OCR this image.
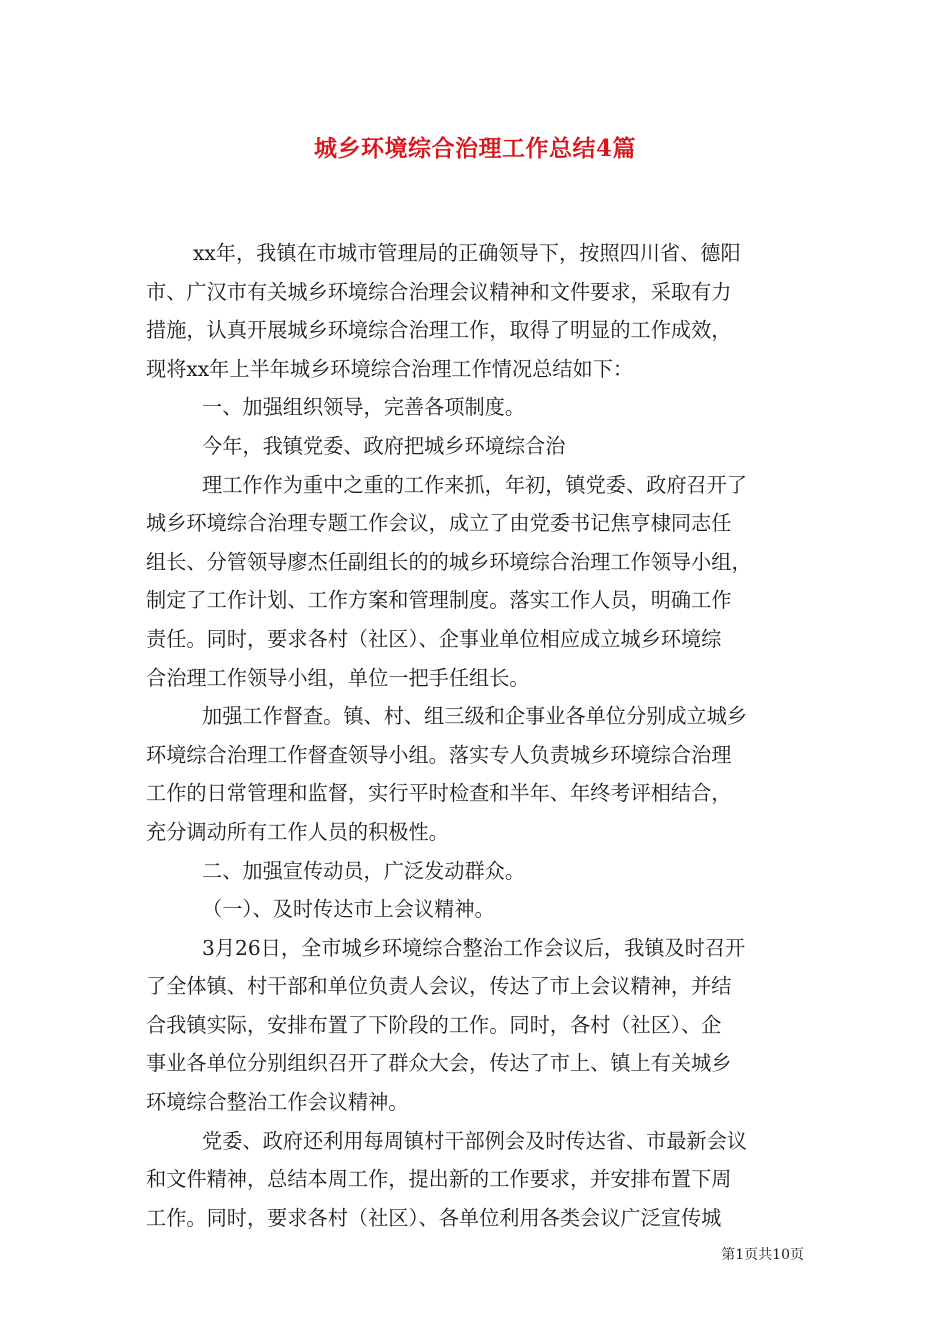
城乡环境综合治理工作总结4篇
xx年，我镇在市城市管理局的正确领导下，按照四川省、德阳
市、广汉市有关城乡环境综合治理会议精神和文件要求，采取有力
措施，认真开展城乡环境综合治理工作，取得了明显的工作成效，
现将xx年上半年城乡环境综合治理工作情况总结如下：
一、加强组织领导，完善各项制度。
今年，我镇党委、政府把城乡环境综合治
理工作作为重中之重的工作来抓，年初，镇党委、政府召开了
城乡环境综合治理专题工作会议，成立了由党委书记焦亨棣同志任
组长、分管领导廖杰任副组长的的城乡环境综合治理工作领导小组，
制定了工作计划、工作方案和管理制度。落实工作人员，明确工作
责任。同时，要求各村（社区）、企事业单位相应成立城乡环境综
合治理工作领导小组，单位一把手任组长。
加强工作督查。镇、村、组三级和企事业各单位分别成立城乡
环境综合治理工作督查领导小组。落实专人负责城乡环境综合治理
工作的日常管理和监督，实行平时检查和半年、年终考评相结合，
充分调动所有工作人员的积极性。
二、加强宣传动员，广泛发动群众。
（一）、及时传达市上会议精神。
3月26日，全市城乡环境综合整治工作会议后，我镇及时召开
了全体镇、村干部和单位负责人会议，传达了市上会议精神，并结
合我镇实际，安排布置了下阶段的工作。同时，各村（社区）、企
事业各单位分别组织召开了群众大会，传达了市上、镇上有关城乡
环境综合整治工作会议精神。
党委、政府还利用每周镇村干部例会及时传达省、市最新会议
和文件精神，总结本周工作，提出新的工作要求，并安排布置下周
工作。同时，要求各村（社区）、各单位利用各类会议广泛宣传城
第1页共10页
